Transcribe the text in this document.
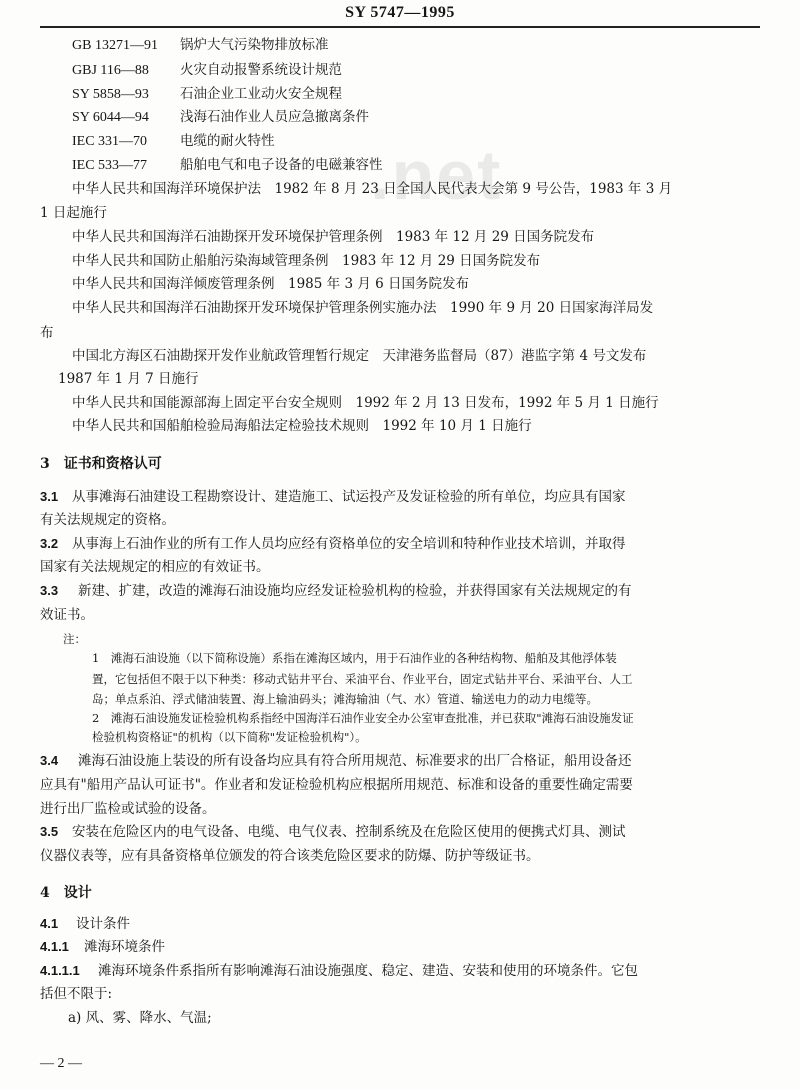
SY 5747—1995
.net
GB 13271—91 锅炉大气污染物排放标准
GBJ 116—88 火灾自动报警系统设计规范
SY 5858—93 石油企业工业动火安全规程
SY 6044—94 浅海石油作业人员应急撤离条件
IEC 331—70 电缆的耐火特性
IEC 533—77 船舶电气和电子设备的电磁兼容性
中华人民共和国海洋环境保护法　1982 年 8 月 23 日全国人民代表大会第 9 号公告，1983 年 3 月
1 日起施行
中华人民共和国海洋石油勘探开发环境保护管理条例　1983 年 12 月 29 日国务院发布
中华人民共和国防止船舶污染海域管理条例　1983 年 12 月 29 日国务院发布
中华人民共和国海洋倾废管理条例　1985 年 3 月 6 日国务院发布
中华人民共和国海洋石油勘探开发环境保护管理条例实施办法　1990 年 9 月 20 日国家海洋局发
布
中国北方海区石油勘探开发作业航政管理暂行规定　天津港务监督局（87）港监字第 4 号文发布
1987 年 1 月 7 日施行
中华人民共和国能源部海上固定平台安全规则　1992 年 2 月 13 日发布，1992 年 5 月 1 日施行
中华人民共和国船舶检验局海船法定检验技术规则　1992 年 10 月 1 日施行
3　证书和资格认可
3.1 从事滩海石油建设工程勘察设计、建造施工、试运投产及发证检验的所有单位，均应具有国家
有关法规规定的资格。
3.2 从事海上石油作业的所有工作人员均应经有资格单位的安全培训和特种作业技术培训，并取得
国家有关法规规定的相应的有效证书。
3.3 新建、扩建，改造的滩海石油设施均应经发证检验机构的检验，并获得国家有关法规规定的有
效证书。
注：
1　滩海石油设施（以下简称设施）系指在滩海区域内，用于石油作业的各种结构物、船舶及其他浮体装
置，它包括但不限于以下种类：移动式钻井平台、采油平台、作业平台，固定式钻井平台、采油平台、人工
岛；单点系泊、浮式储油装置、海上输油码头；滩海输油（气、水）管道、输送电力的动力电缆等。
2　滩海石油设施发证检验机构系指经中国海洋石油作业安全办公室审查批准，并已获取"滩海石油设施发证
检验机构资格证"的机构（以下简称"发证检验机构"）。
3.4 滩海石油设施上装设的所有设备均应具有符合所用规范、标准要求的出厂合格证，船用设备还
应具有"船用产品认可证书"。作业者和发证检验机构应根据所用规范、标准和设备的重要性确定需要
进行出厂监检或试验的设备。
3.5 安装在危险区内的电气设备、电缆、电气仪表、控制系统及在危险区使用的便携式灯具、测试
仪器仪表等，应有具备资格单位颁发的符合该类危险区要求的防爆、防护等级证书。
4　设计
4.1 设计条件
4.1.1 滩海环境条件
4.1.1.1 滩海环境条件系指所有影响滩海石油设施强度、稳定、建造、安装和使用的环境条件。它包
括但不限于:
a) 风、雾、降水、气温;
— 2 —
